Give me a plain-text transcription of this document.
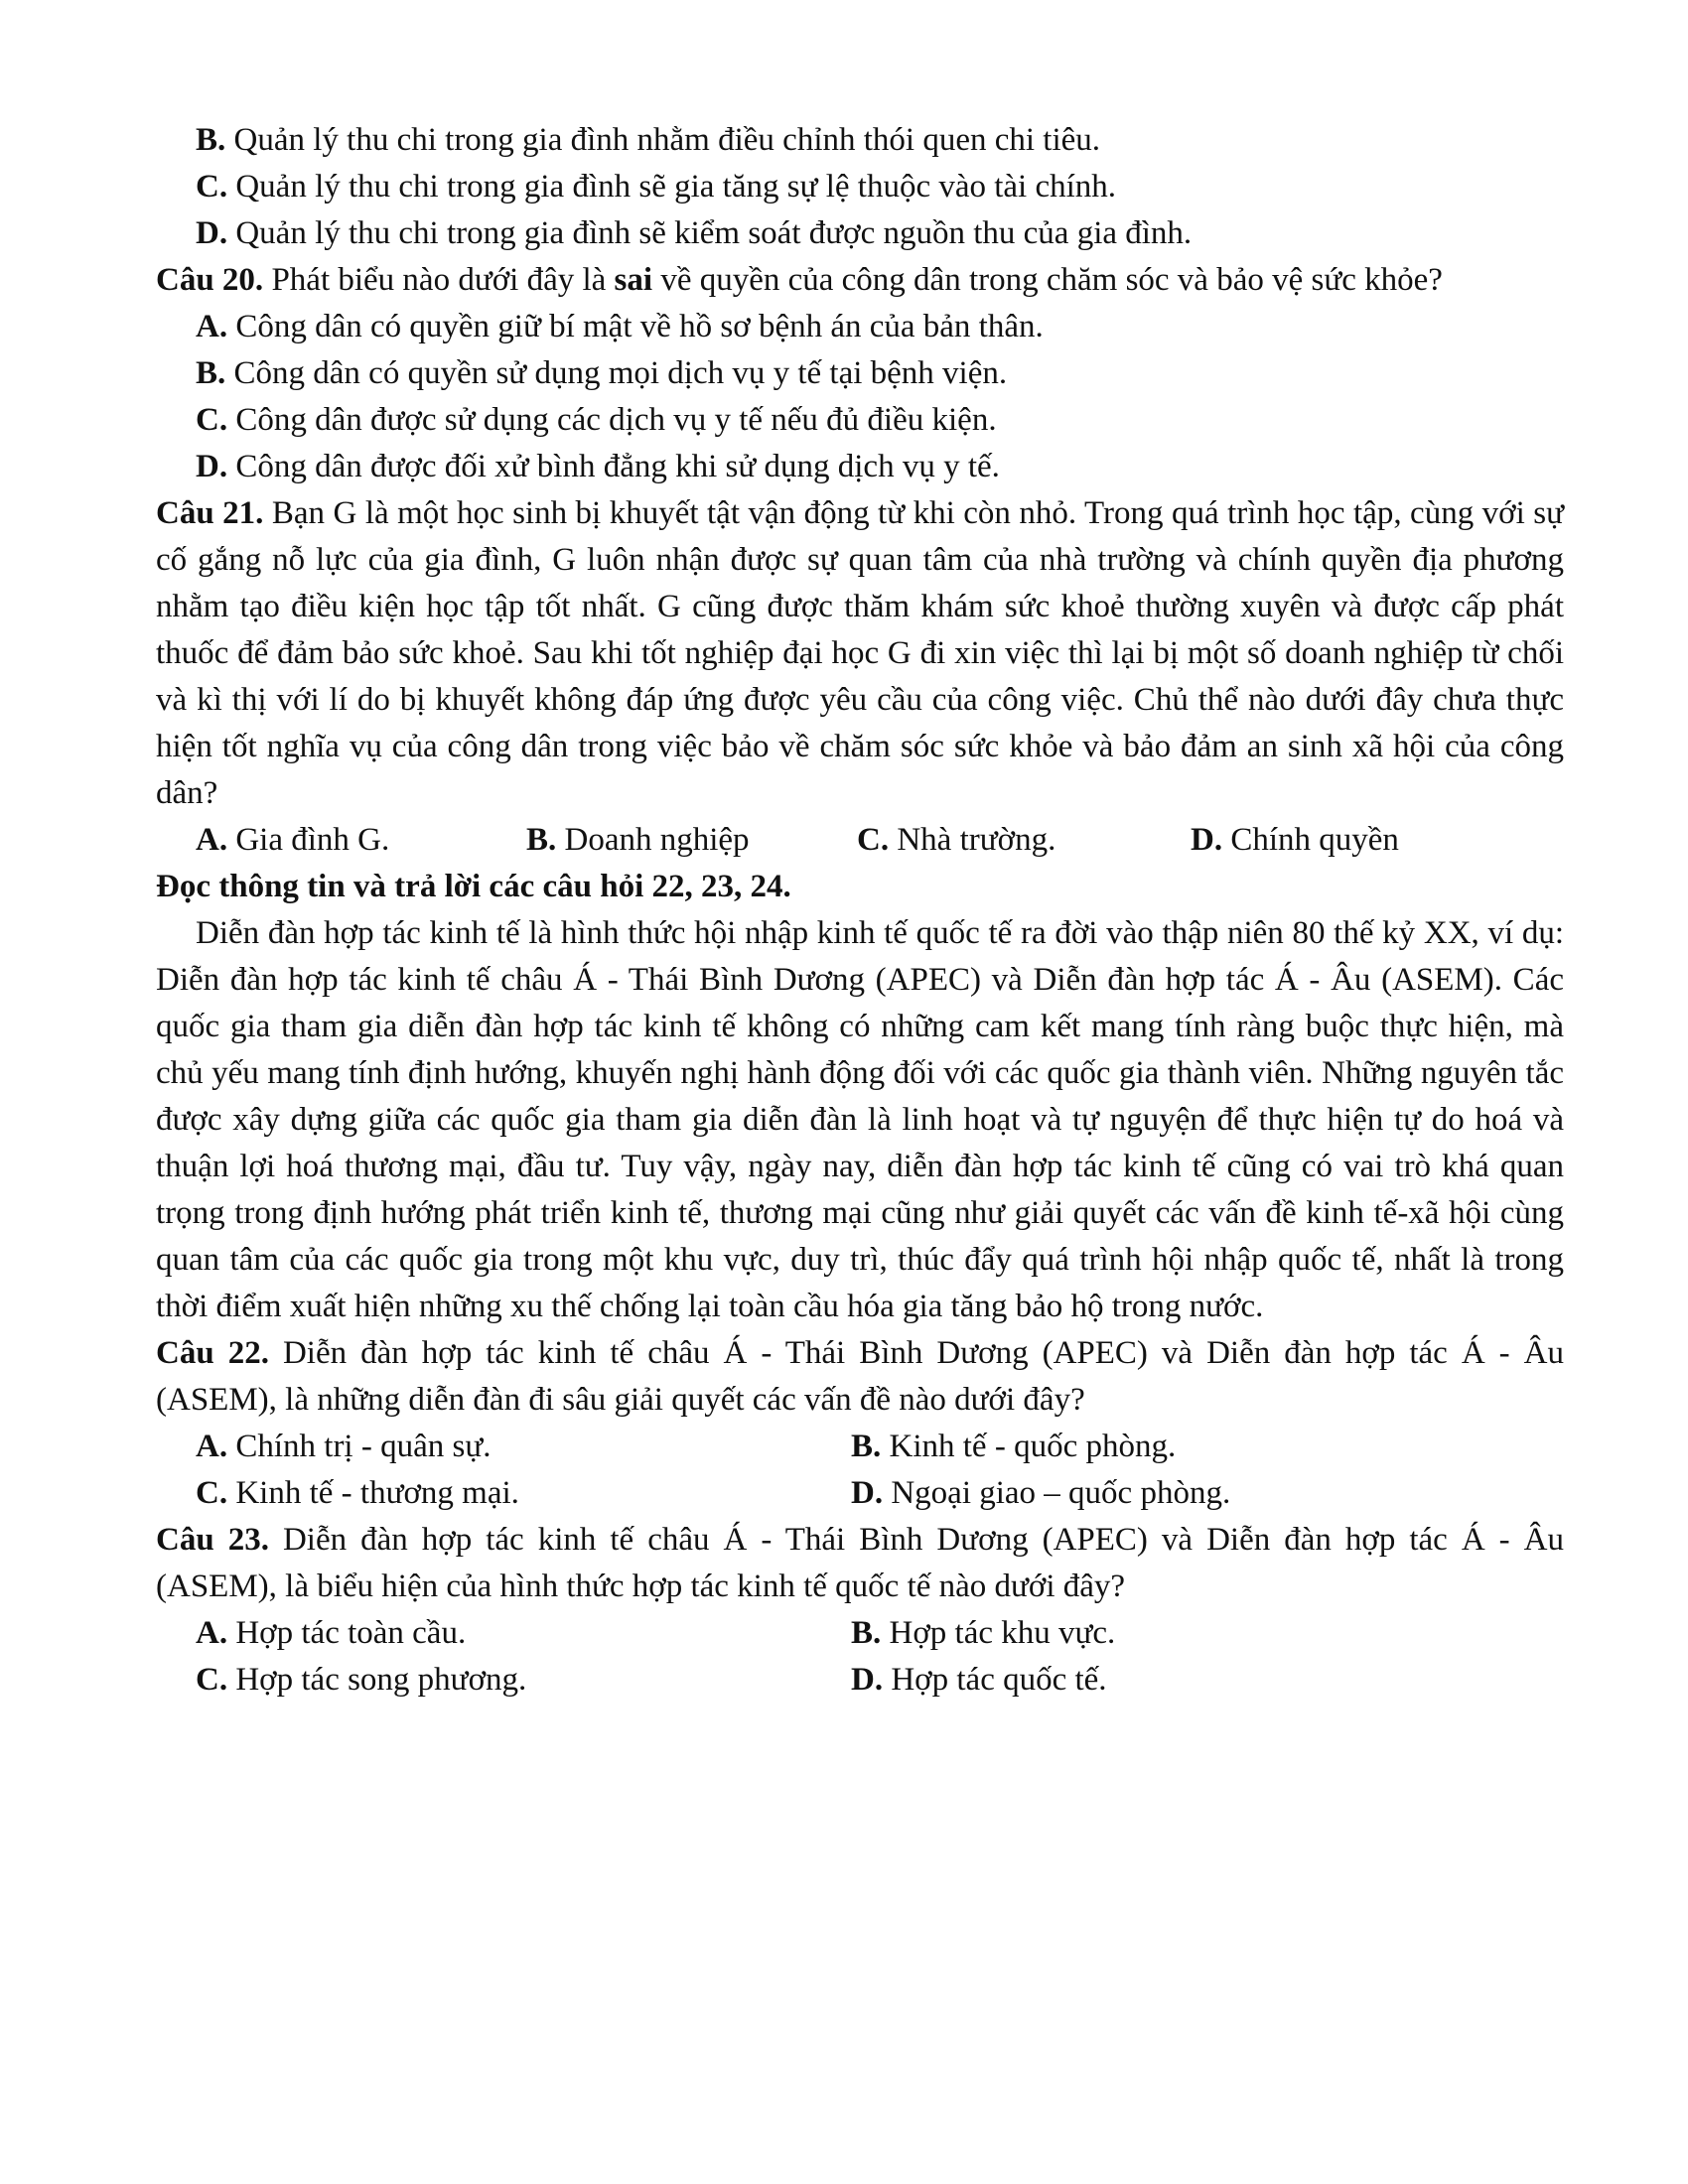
B. Quản lý thu chi trong gia đình nhằm điều chỉnh thói quen chi tiêu.
C. Quản lý thu chi trong gia đình sẽ gia tăng sự lệ thuộc vào tài chính.
D. Quản lý thu chi trong gia đình sẽ kiểm soát được nguồn thu của gia đình.

Câu 20. Phát biểu nào dưới đây là sai về quyền của công dân trong chăm sóc và bảo vệ sức khỏe?

A. Công dân có quyền giữ bí mật về hồ sơ bệnh án của bản thân.
B. Công dân có quyền sử dụng mọi dịch vụ y tế tại bệnh viện.
C. Công dân được sử dụng các dịch vụ y tế nếu đủ điều kiện.
D. Công dân được đối xử bình đẳng khi sử dụng dịch vụ y tế.

Câu 21. Bạn G là một học sinh bị khuyết tật vận động từ khi còn nhỏ. Trong quá trình học tập, cùng với sự cố gắng nỗ lực của gia đình, G luôn nhận được sự quan tâm của nhà trường và chính quyền địa phương nhằm tạo điều kiện học tập tốt nhất. G cũng được thăm khám sức khoẻ thường xuyên và được cấp phát thuốc để đảm bảo sức khoẻ. Sau khi tốt nghiệp đại học G đi xin việc thì lại bị một số doanh nghiệp từ chối và kì thị với lí do bị khuyết không đáp ứng được yêu cầu của công việc. Chủ thể nào dưới đây chưa thực hiện tốt nghĩa vụ của công dân trong việc bảo về chăm sóc sức khỏe và bảo đảm an sinh xã hội của công dân?

A. Gia đình G.	B. Doanh nghiệp	C. Nhà trường.	D. Chính quyền
Đọc thông tin và trả lời các câu hỏi 22, 23, 24.

Diễn đàn hợp tác kinh tế là hình thức hội nhập kinh tế quốc tế ra đời vào thập niên 80 thế kỷ XX, ví dụ: Diễn đàn hợp tác kinh tế châu Á - Thái Bình Dương (APEC) và Diễn đàn hợp tác Á - Âu (ASEM). Các quốc gia tham gia diễn đàn hợp tác kinh tế không có những cam kết mang tính ràng buộc thực hiện, mà chủ yếu mang tính định hướng, khuyến nghị hành động đối với các quốc gia thành viên. Những nguyên tắc được xây dựng giữa các quốc gia tham gia diễn đàn là linh hoạt và tự nguyện để thực hiện tự do hoá và thuận lợi hoá thương mại, đầu tư. Tuy vậy, ngày nay, diễn đàn hợp tác kinh tế cũng có vai trò khá quan trọng trong định hướng phát triển kinh tế, thương mại cũng như giải quyết các vấn đề kinh tế-xã hội cùng quan tâm của các quốc gia trong một khu vực, duy trì, thúc đẩy quá trình hội nhập quốc tế, nhất là trong thời điểm xuất hiện những xu thế chống lại toàn cầu hóa gia tăng bảo hộ trong nước.

Câu 22. Diễn đàn hợp tác kinh tế châu Á - Thái Bình Dương (APEC) và Diễn đàn hợp tác Á - Âu (ASEM), là những diễn đàn đi sâu giải quyết các vấn đề nào dưới đây?

A. Chính trị - quân sự.	B. Kinh tế - quốc phòng.
C. Kinh tế - thương mại.	D. Ngoại giao – quốc phòng.

Câu 23. Diễn đàn hợp tác kinh tế châu Á - Thái Bình Dương (APEC) và Diễn đàn hợp tác Á - Âu (ASEM), là biểu hiện của hình thức hợp tác kinh tế quốc tế nào dưới đây?

A. Hợp tác toàn cầu.	B. Hợp tác khu vực.
C. Hợp tác song phương.	D. Hợp tác quốc tế.
